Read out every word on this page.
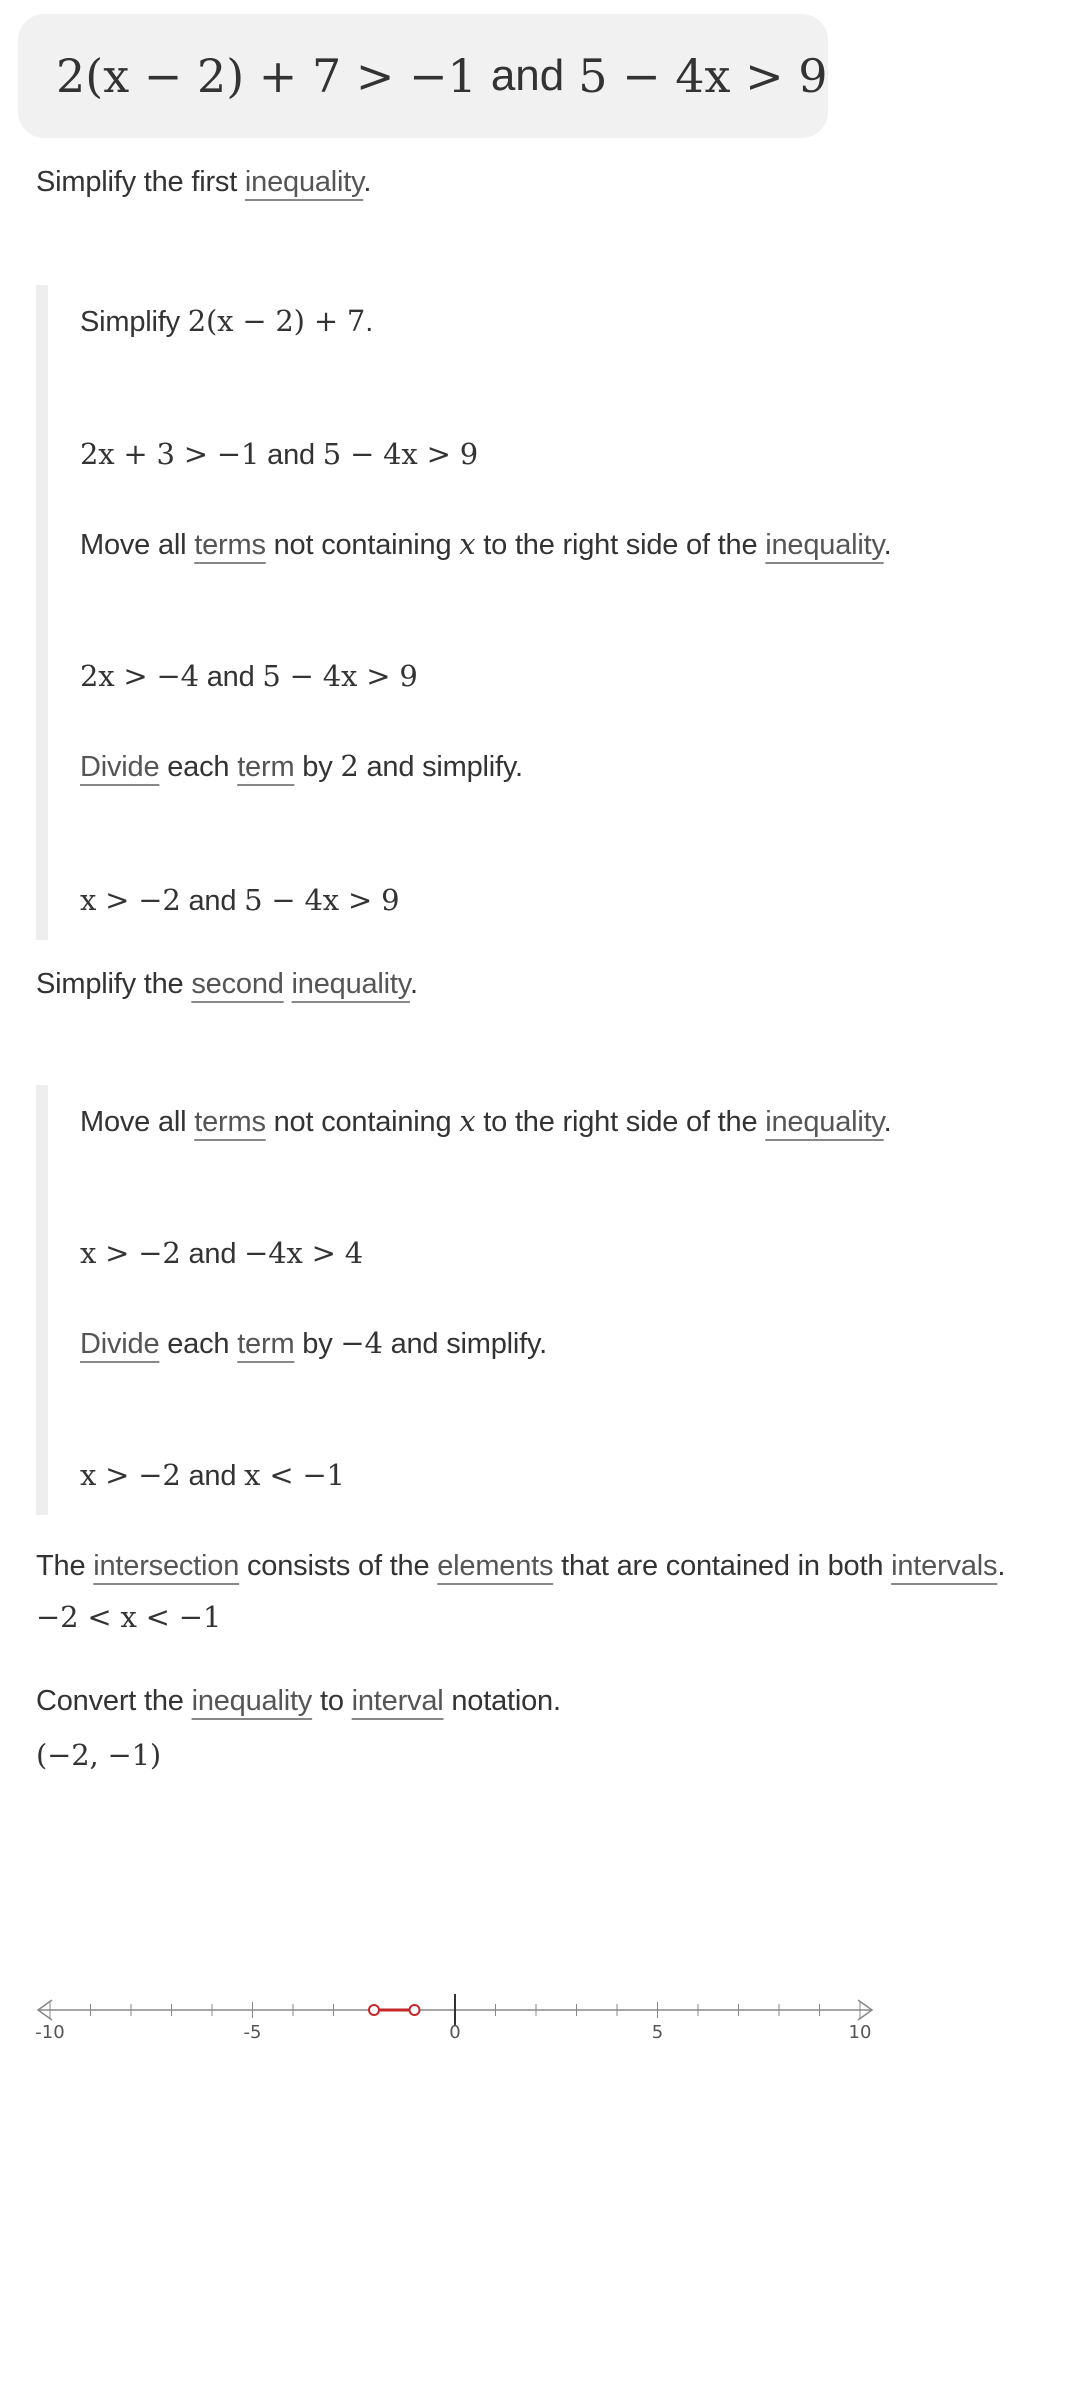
2(x − 2) + 7 > −1 and 5 − 4x > 9
Simplify the first inequality.
Simplify 2(x − 2) + 7.
2x + 3 > −1 and 5 − 4x > 9
Move all terms not containing x to the right side of the inequality.
2x > −4 and 5 − 4x > 9
Divide each term by 2 and simplify.
x > −2 and 5 − 4x > 9
Simplify the second inequality.
Move all terms not containing x to the right side of the inequality.
x > −2 and −4x > 4
Divide each term by −4 and simplify.
x > −2 and x < −1
The intersection consists of the elements that are contained in both intervals.
−2 < x < −1
Convert the inequality to interval notation.
(−2, −1)
-10	-5	0	5	10
